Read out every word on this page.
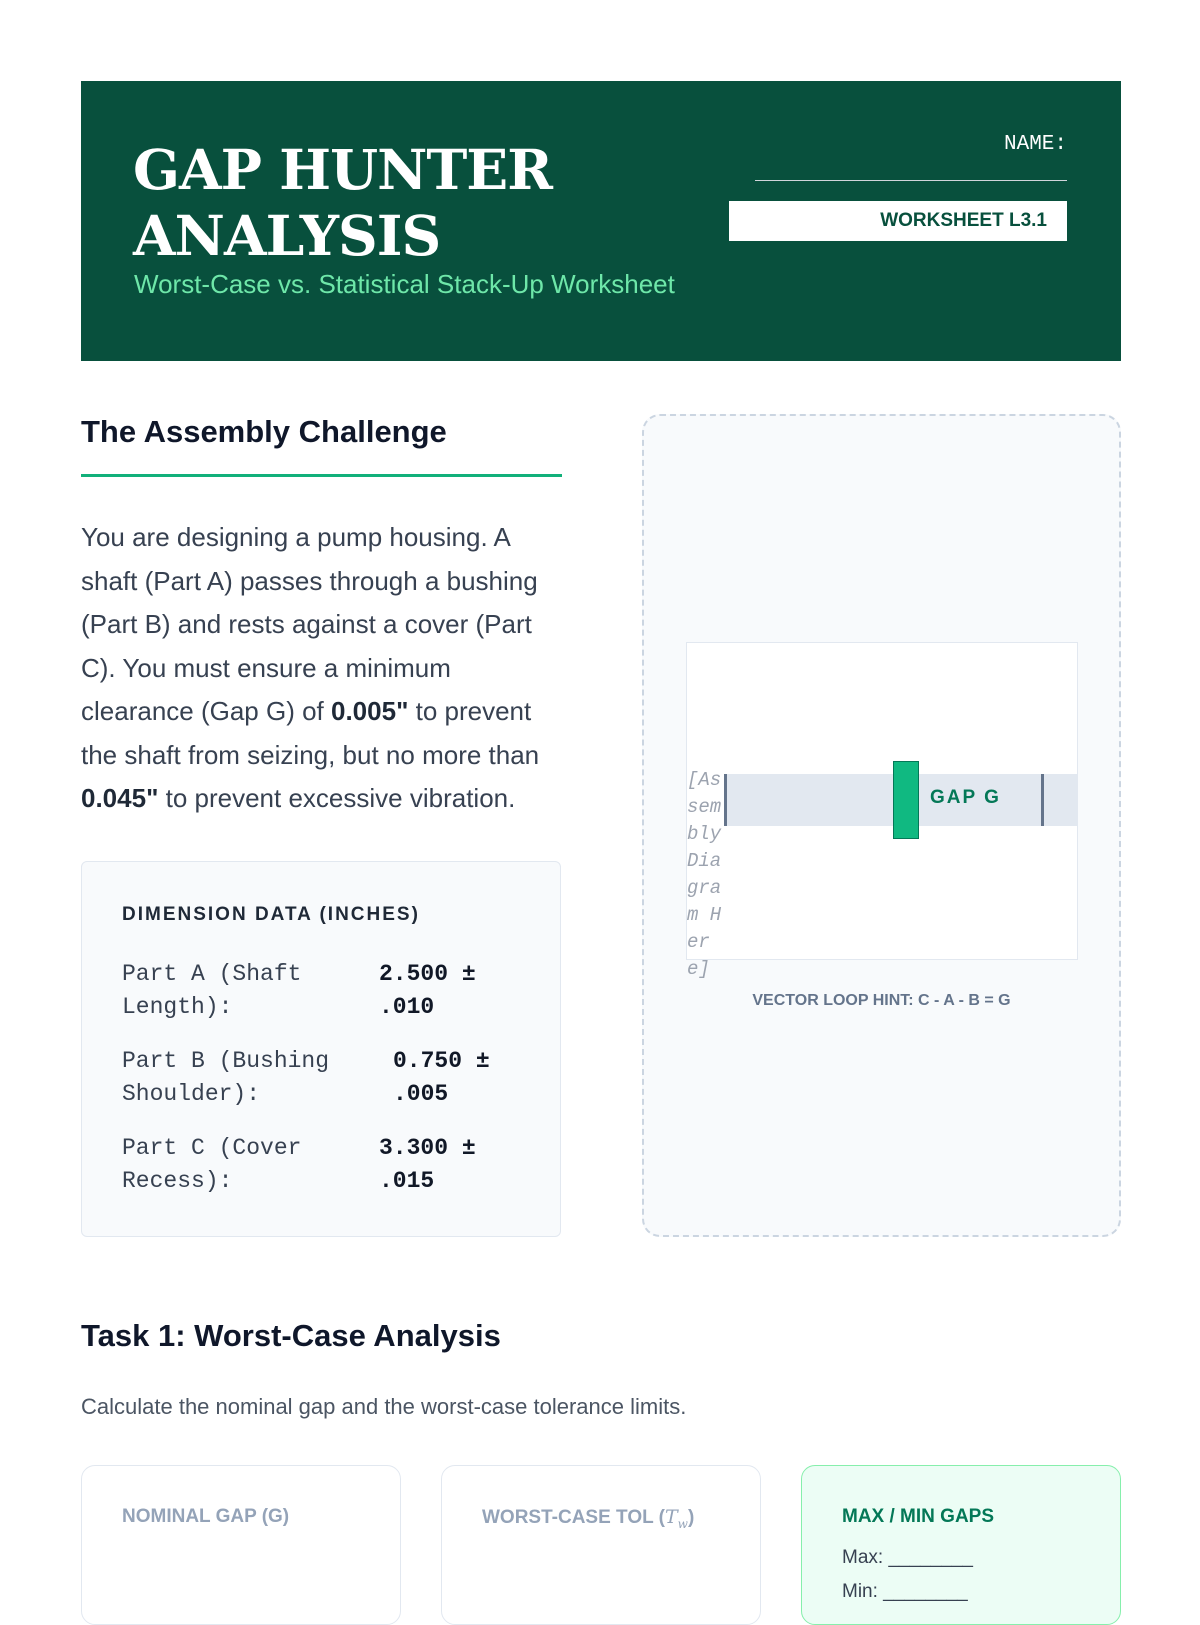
GAP HUNTER
ANALYSIS
Worst-Case vs. Statistical Stack-Up Worksheet
NAME:
WORKSHEET L3.1
The Assembly Challenge

You are designing a pump housing. A shaft (Part A) passes through a bushing (Part B) and rests against a cover (Part C). You must ensure a minimum clearance (Gap G) of 0.005" to prevent the shaft from seizing, but no more than 0.045" to prevent excessive vibration.

DIMENSION DATA (INCHES)
Part A (Shaft Length):
2.500 ± .010
Part B (Bushing Shoulder):
0.750 ± .005
Part C (Cover Recess):
3.300 ± .015
[Assembly Diagram Here]
GAP G
VECTOR LOOP HINT: C - A - B = G
Task 1: Worst-Case Analysis

Calculate the nominal gap and the worst-case tolerance limits.

NOMINAL GAP (G)	WORST-CASE TOL $(T_w)$	MAX / MIN GAPS
Max: ________
Min: ________
